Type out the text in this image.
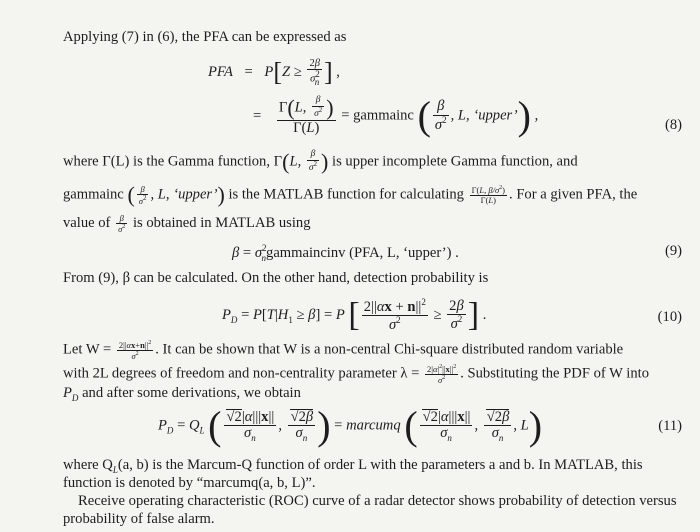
Applying (7) in (6), the PFA can be expressed as
PFA = $P[Z \ge \frac{2\beta}{\sigma 2n}$ ] ,
= $\frac{\Gamma(L, \frac{\beta}{\sigma^2} )}{\Gamma(L)}$ = gammainc ( $\frac{\beta}{\sigma^2}$ , L, ‘upper’) ,
(8)
where Γ(L) is the Gamma function, Γ(L, $\frac{\beta}{\sigma^2}$ ) is upper incomplete Gamma function, and
gammainc ( $\frac{\beta}{\sigma^2}$ , L, ‘upper’) is the MATLAB function for calculating $\frac{\Gamma(L, \beta/\sigma^2)}{\Gamma(L)}$ . For a given PFA, the
value of $\frac{\beta}{\sigma^2}$ is obtained in MATLAB using
$\beta = \sigma^2_ngammaincinv$ (PFA, L, ‘upper’) .	(9)
From (9), β can be calculated. On the other hand, detection probability is
$P_D = P[T|H_1 \ge \beta] = P$ [ $\frac{2||\alpha x + n||^2}{\sigma^2} \ge \frac{2\beta}{\sigma^2}$ ] .	(10)
Let $W = \frac{2||\alpha x+n||^2}{\sigma^2}$ . It can be shown that W is a non-central Chi-square distributed random variable
with 2L degrees of freedom and non-centrality parameter $\lambda = \frac{2|\alpha|^2||x||^2}{\sigma^2}$ . Substituting the PDF of W into
$P_D$ and after some derivations, we obtain
$P_D = Q_L$ ( $\frac{√2|\alpha|||x||}{\sigma_n}$ , $\frac{√2\beta}{\sigma_n}$ ) = marcumq ( $\frac{√2|\alpha|||x||}{\sigma_n}$ , $\frac{√2\beta}{\sigma_n}$ , L)	(11)
where $Q_L(a$, b) is the Marcum-Q function of order L with the parameters a and b. In MATLAB, this
function is denoted by “marcumq(a, b, L)”.
Receive operating characteristic (ROC) curve of a radar detector shows probability of detection versus
probability of false alarm.
